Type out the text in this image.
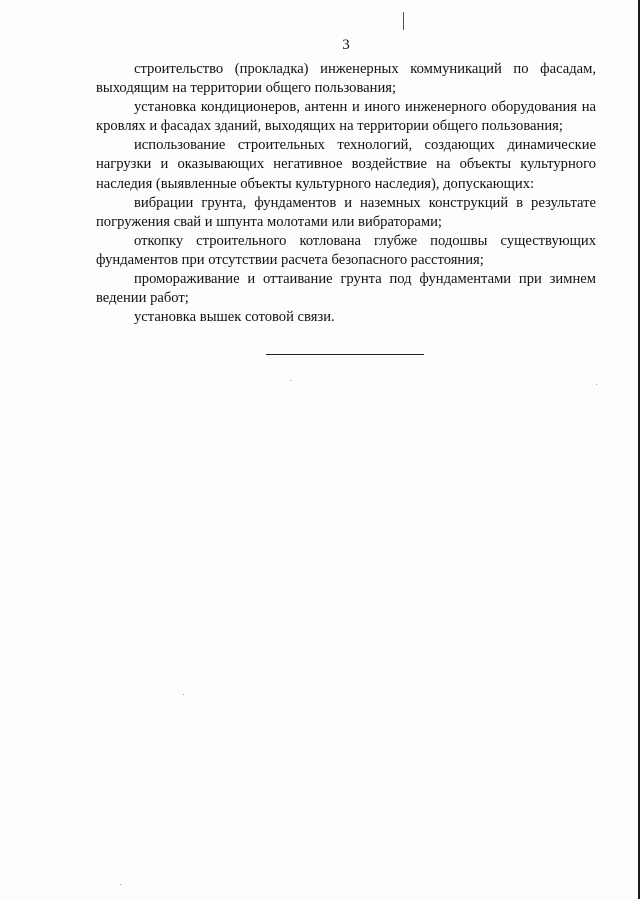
3

строительство (прокладка) инженерных коммуникаций по фасадам, выходящим на территории общего пользования;

установка кондиционеров, антенн и иного инженерного оборудования на кровлях и фасадах зданий, выходящих на территории общего пользования;

использование строительных технологий, создающих динамические нагрузки и оказывающих негативное воздействие на объекты культурного наследия (выявленные объекты культурного наследия), допускающих:

вибрации грунта, фундаментов и наземных конструкций в результате погружения свай и шпунта молотами или вибраторами;

откопку строительного котлована глубже подошвы существующих фундаментов при отсутствии расчета безопасного расстояния;

промораживание и оттаивание грунта под фундаментами при зимнем ведении работ;

установка вышек сотовой связи.
